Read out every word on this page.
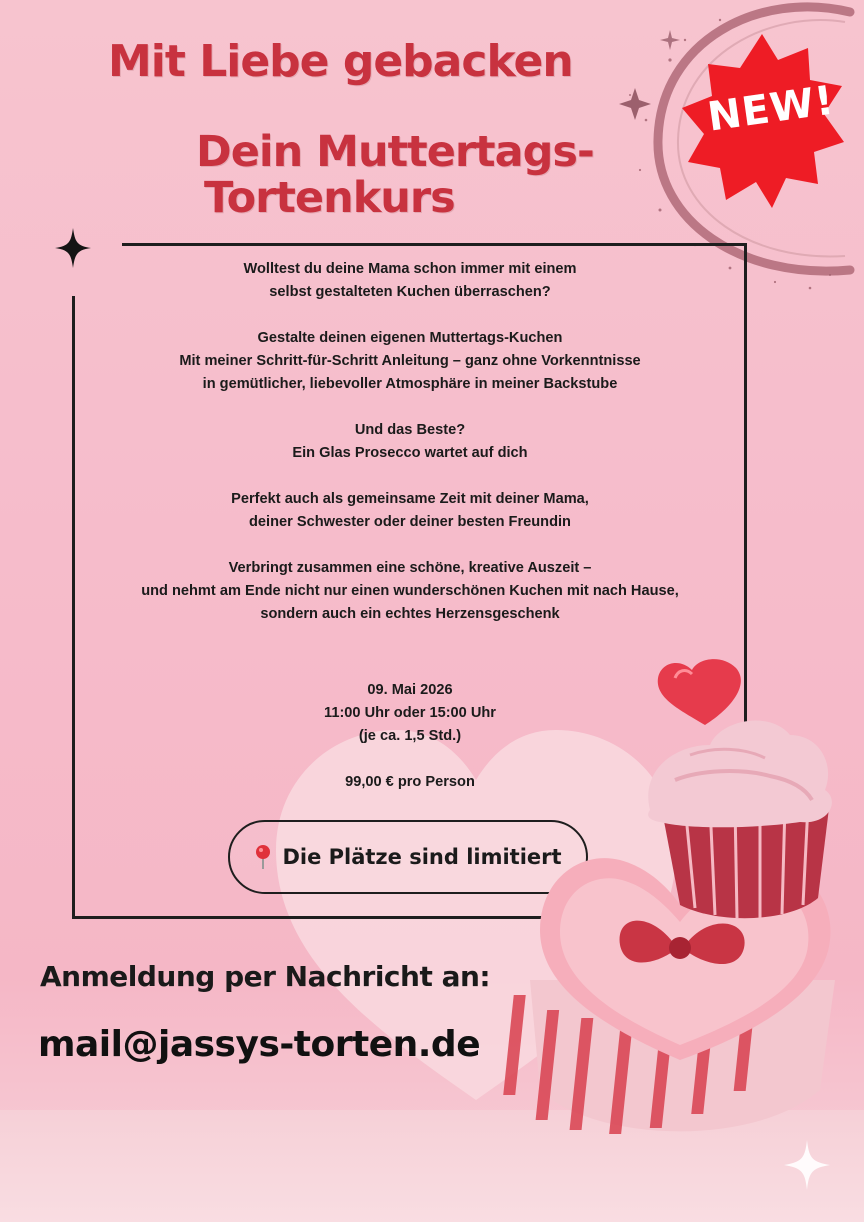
NEW!
Mit Liebe gebacken
Dein Muttertags-
Tortenkurs

Wolltest du deine Mama schon immer mit einem

selbst gestalteten Kuchen überraschen?

Gestalte deinen eigenen Muttertags-Kuchen

Mit meiner Schritt-für-Schritt Anleitung – ganz ohne Vorkenntnisse

in gemütlicher, liebevoller Atmosphäre in meiner Backstube

Und das Beste?

Ein Glas Prosecco wartet auf dich

Perfekt auch als gemeinsame Zeit mit deiner Mama,

deiner Schwester oder deiner besten Freundin

Verbringt zusammen eine schöne, kreative Auszeit –

und nehmt am Ende nicht nur einen wunderschönen Kuchen mit nach Hause,

sondern auch ein echtes Herzensgeschenk

09. Mai 2026

11:00 Uhr oder 15:00 Uhr

(je ca. 1,5 Std.)

99,00 € pro Person

Die Plätze sind limitiert

Anmeldung per Nachricht an:

mail@jassys-torten.de
